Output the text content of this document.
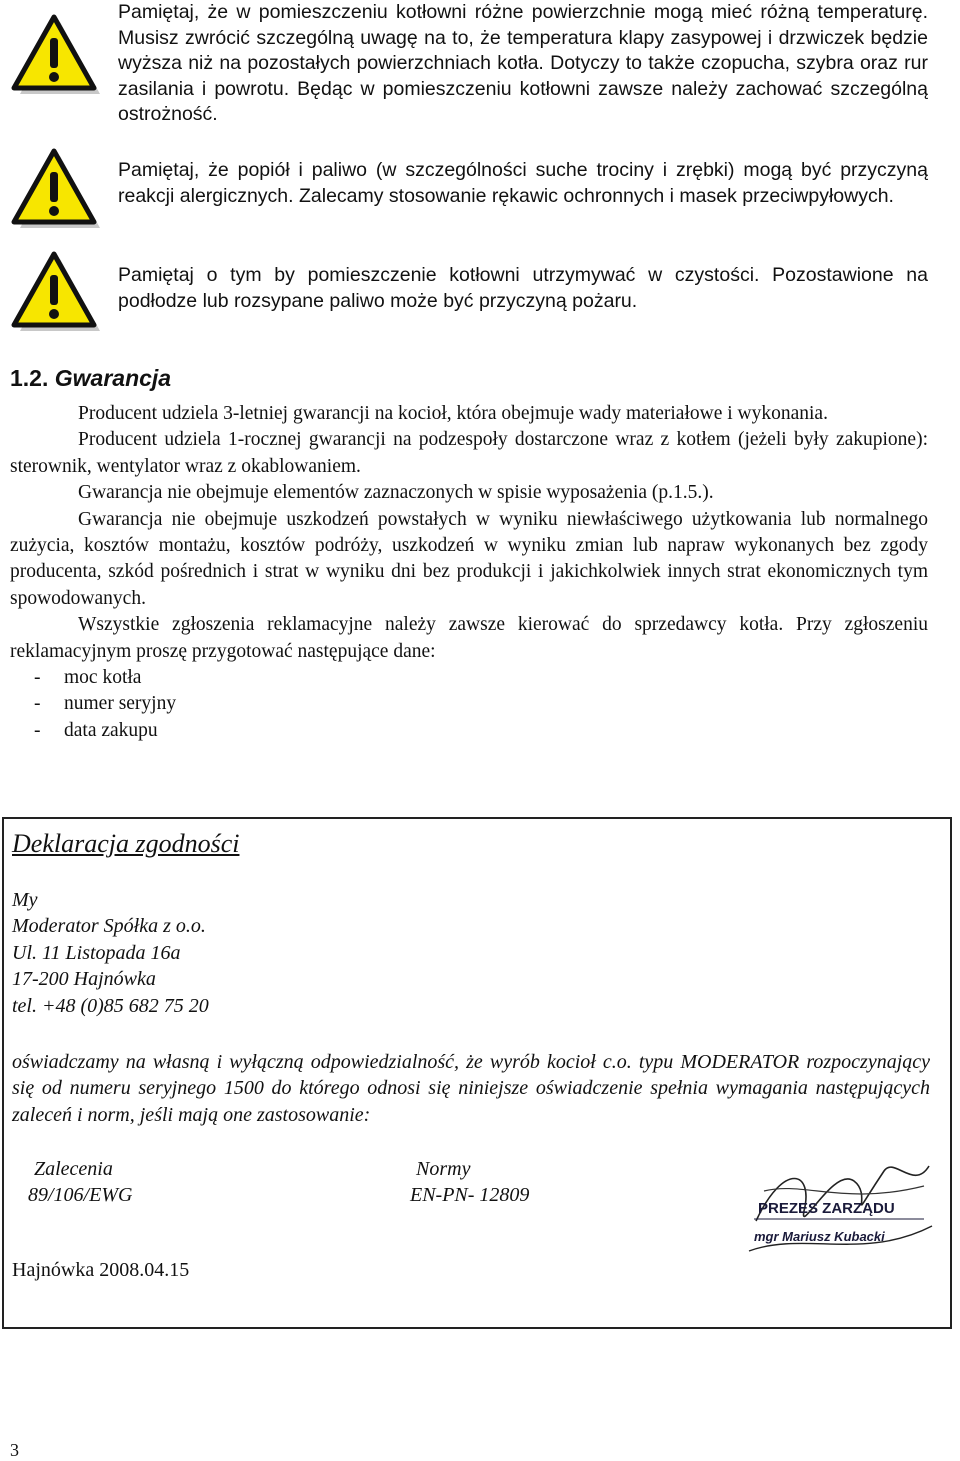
Pamiętaj, że w pomieszczeniu kotłowni różne powierzchnie mogą mieć różną temperaturę. Musisz zwrócić szczególną uwagę na to, że temperatura klapy zasypowej i drzwiczek będzie wyższa niż na pozostałych powierzchniach kotła. Dotyczy to także czopucha, szybra oraz rur zasilania i powrotu. Będąc w pomieszczeniu kotłowni zawsze należy zachować szczególną ostrożność.
Pamiętaj, że popiół i paliwo (w szczególności suche trociny i zrębki) mogą być przyczyną reakcji alergicznych. Zalecamy stosowanie rękawic ochronnych i masek przeciwpyłowych.
Pamiętaj o tym by pomieszczenie kotłowni utrzymywać w czystości. Pozostawione na podłodze lub rozsypane paliwo może być przyczyną pożaru.
1.2. Gwarancja

Producent udziela 3-letniej gwarancji na kocioł, która obejmuje wady materiałowe i wykonania.

Producent udziela 1-rocznej gwarancji na podzespoły dostarczone wraz z kotłem (jeżeli były zakupione): sterownik, wentylator wraz z okablowaniem.

Gwarancja nie obejmuje elementów zaznaczonych w spisie wyposażenia (p.1.5.).

Gwarancja nie obejmuje uszkodzeń powstałych w wyniku niewłaściwego użytkowania lub normalnego zużycia, kosztów montażu, kosztów podróży, uszkodzeń w wyniku zmian lub napraw wykonanych bez zgody producenta, szkód pośrednich i strat w wyniku dni bez produkcji i jakichkolwiek innych strat ekonomicznych tym spowodowanych.

Wszystkie zgłoszenia reklamacyjne należy zawsze kierować do sprzedawcy kotła. Przy zgłoszeniu reklamacyjnym proszę przygotować następujące dane:

-	moc kotła
-	numer seryjny
-	data zakupu
Deklaracja zgodności
My
Moderator Spółka z o.o.
Ul. 11 Listopada 16a
17-200 Hajnówka
tel. +48 (0)85 682 75 20
oświadczamy na własną i wyłączną odpowiedzialność, że wyrób kocioł c.o. typu MODERATOR rozpoczynający się od numeru seryjnego 1500 do którego odnosi się niniejsze oświadczenie spełnia wymagania następujących zaleceń i norm, jeśli mają one zastosowanie:
Zalecenia
89/106/EWG
Normy
EN-PN- 12809
Hajnówka 2008.04.15
PREZES ZARZĄDU
mgr Mariusz Kubacki
3
